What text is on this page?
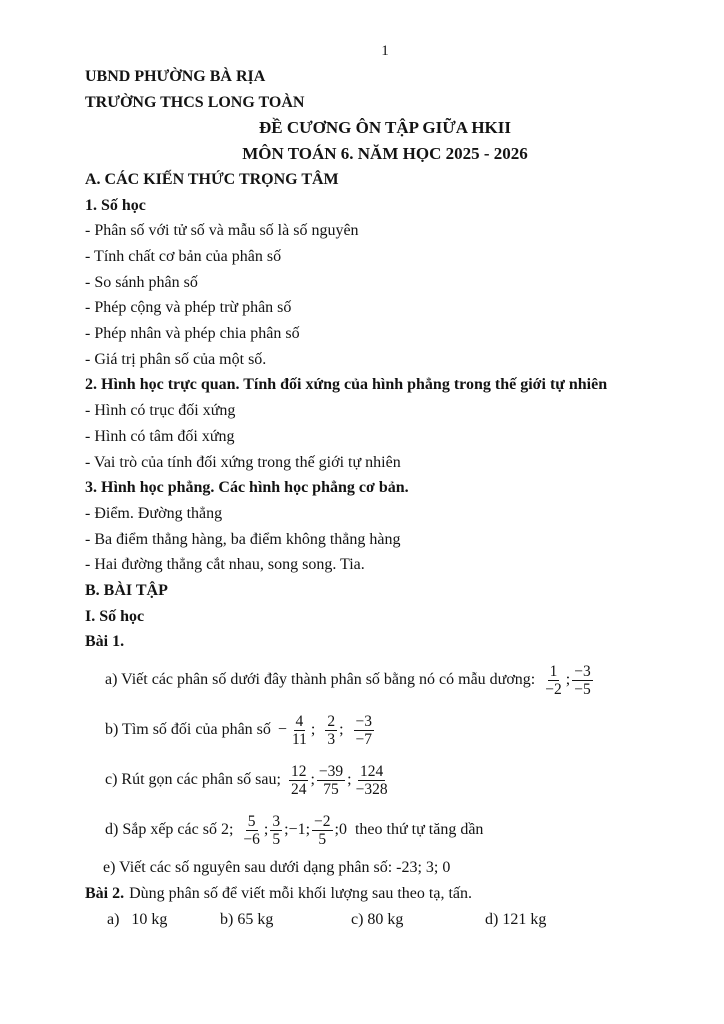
1
UBND PHƯỜNG BÀ RỊA
TRƯỜNG THCS LONG TOÀN
ĐỀ CƯƠNG ÔN TẬP GIỮA HKII
MÔN TOÁN 6. NĂM HỌC 2025 - 2026
A. CÁC KIẾN THỨC TRỌNG TÂM
1. Số học
- Phân số với tử số và mẫu số là số nguyên
- Tính chất cơ bản của phân số
- So sánh phân số
- Phép cộng và phép trừ phân số
- Phép nhân và phép chia phân số
- Giá trị phân số của một số.
2. Hình học trực quan. Tính đối xứng của hình phẳng trong thế giới tự nhiên
- Hình có trục đối xứng
- Hình có tâm đối xứng
- Vai trò của tính đối xứng trong thế giới tự nhiên
3. Hình học phẳng. Các hình học phẳng cơ bản.
- Điểm. Đường thẳng
- Ba điểm thẳng hàng, ba điểm không thẳng hàng
- Hai đường thẳng cắt nhau, song song. Tia.
B. BÀI TẬP
I. Số học
Bài 1.
a) Viết các phân số dưới đây thành phân số bằng nó có mẫu dương: $\frac{1}{-2}$ ; $\frac{-3}{-5}$
b) Tìm số đối của phân số − $\frac{4}{11}$ ; $\frac{2}{3}$ ; $\frac{-3}{-7}$
c) Rút gọn các phân số sau; $\frac{12}{24}$ ; $\frac{-39}{75}$ ; $\frac{124}{-328}$
d) Sắp xếp các số 2; $\frac{5}{-6}$ ; $\frac{3}{5}$ ;−1; $\frac{-2}{5}$ ;0 theo thứ tự tăng dần
e) Viết các số nguyên sau dưới dạng phân số: -23; 3; 0
Bài 2. Dùng phân số để viết mỗi khối lượng sau theo tạ, tấn.
a)   10 kg	b) 65 kg	c) 80 kg	d) 121 kg
